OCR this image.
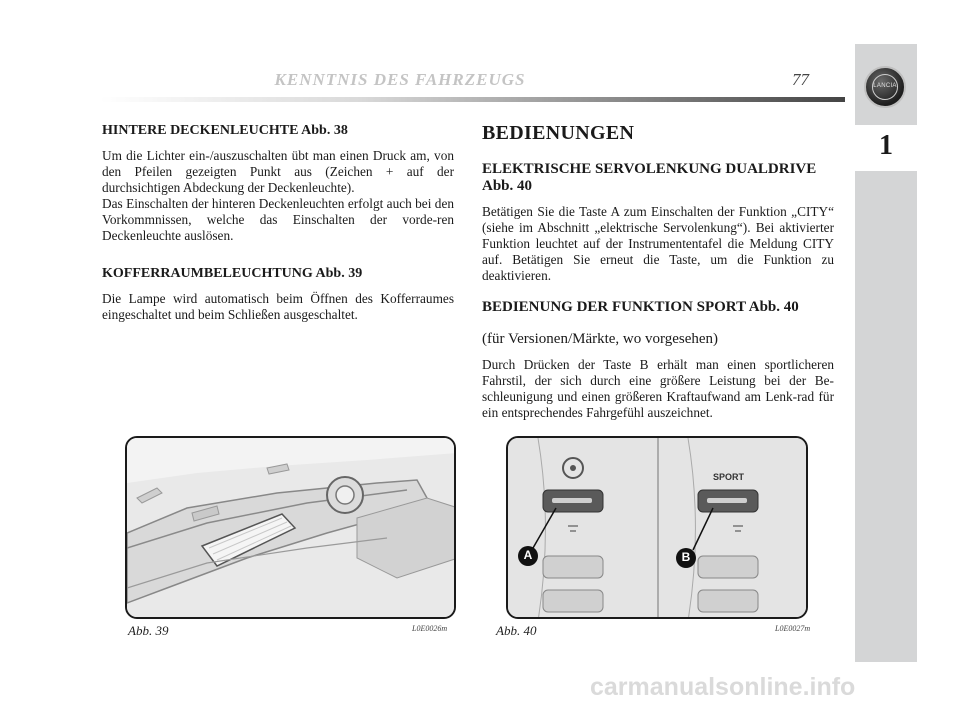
LANCIA
1
KENNTNIS DES FAHRZEUGS	77

HINTERE DECKENLEUCHTE Abb. 38

Um die Lichter ein-/auszuschalten übt man einen Druck am, von den Pfeilen gezeigten Punkt aus (Zeichen + auf der durchsichtigen Abdeckung der Deckenleuchte).

Das Einschalten der hinteren Deckenleuchten erfolgt auch bei den Vorkommnissen, welche das Einschalten der vorde-ren Deckenleuchte auslösen.

KOFFERRAUMBELEUCHTUNG Abb. 39

Die Lampe wird automatisch beim Öffnen des Kofferraumes eingeschaltet und beim Schließen ausgeschaltet.

BEDIENUNGEN

ELEKTRISCHE SERVOLENKUNG DUALDRIVE Abb. 40

Betätigen Sie die Taste A zum Einschalten der Funktion „CITY“ (siehe im Abschnitt „elektrische Servolenkung“). Bei aktivierter Funktion leuchtet auf der Instrumententafel die Meldung CITY auf. Betätigen Sie erneut die Taste, um die Funktion zu deaktivieren.

BEDIENUNG DER FUNKTION SPORT Abb. 40

(für Versionen/Märkte, wo vorgesehen)

Durch Drücken der Taste B erhält man einen sportlicheren Fahrstil, der sich durch eine größere Leistung bei der Be-schleunigung und einen größeren Kraftaufwand am Lenk-rad für ein entsprechendes Fahrgefühl auszeichnet.

Abb. 39	L0E0026m
A	B
SPORT
Abb. 40	L0E0027m
carmanualsonline.info
